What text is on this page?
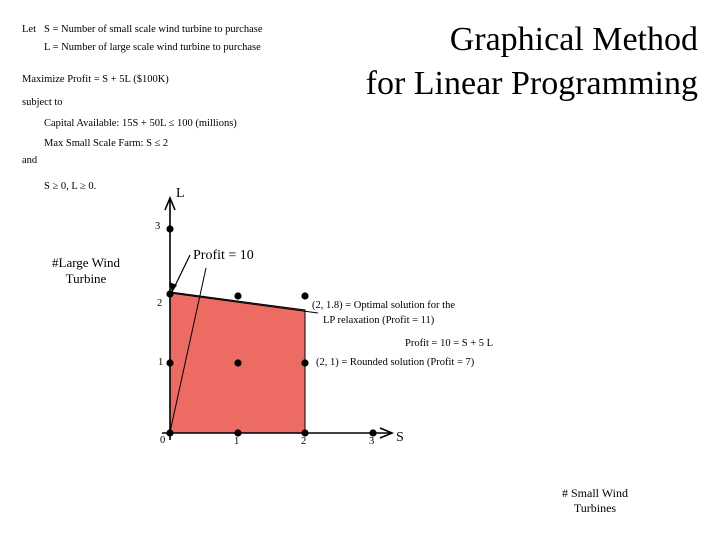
Graphical Method
for Linear Programming
Let S = Number of small scale wind turbine to purchase
L = Number of large scale wind turbine to purchase
Maximize Profit = S + 5L ($100K)
subject to
Capital Available: 15S + 50L ≤ 100 (millions)
Max Small Scale Farm: S ≤ 2
and
S ≥ 0, L ≥ 0.	L
S
3
2
1
0	1	2	3
(2, 1.8) = Optimal solution for the
LP relaxation (Profit = 11)
Profit = 10 = S + 5 L
(2, 1) = Rounded solution (Profit = 7)
Profit = 10
#Large Wind
Turbine
# Small Wind
Turbines
